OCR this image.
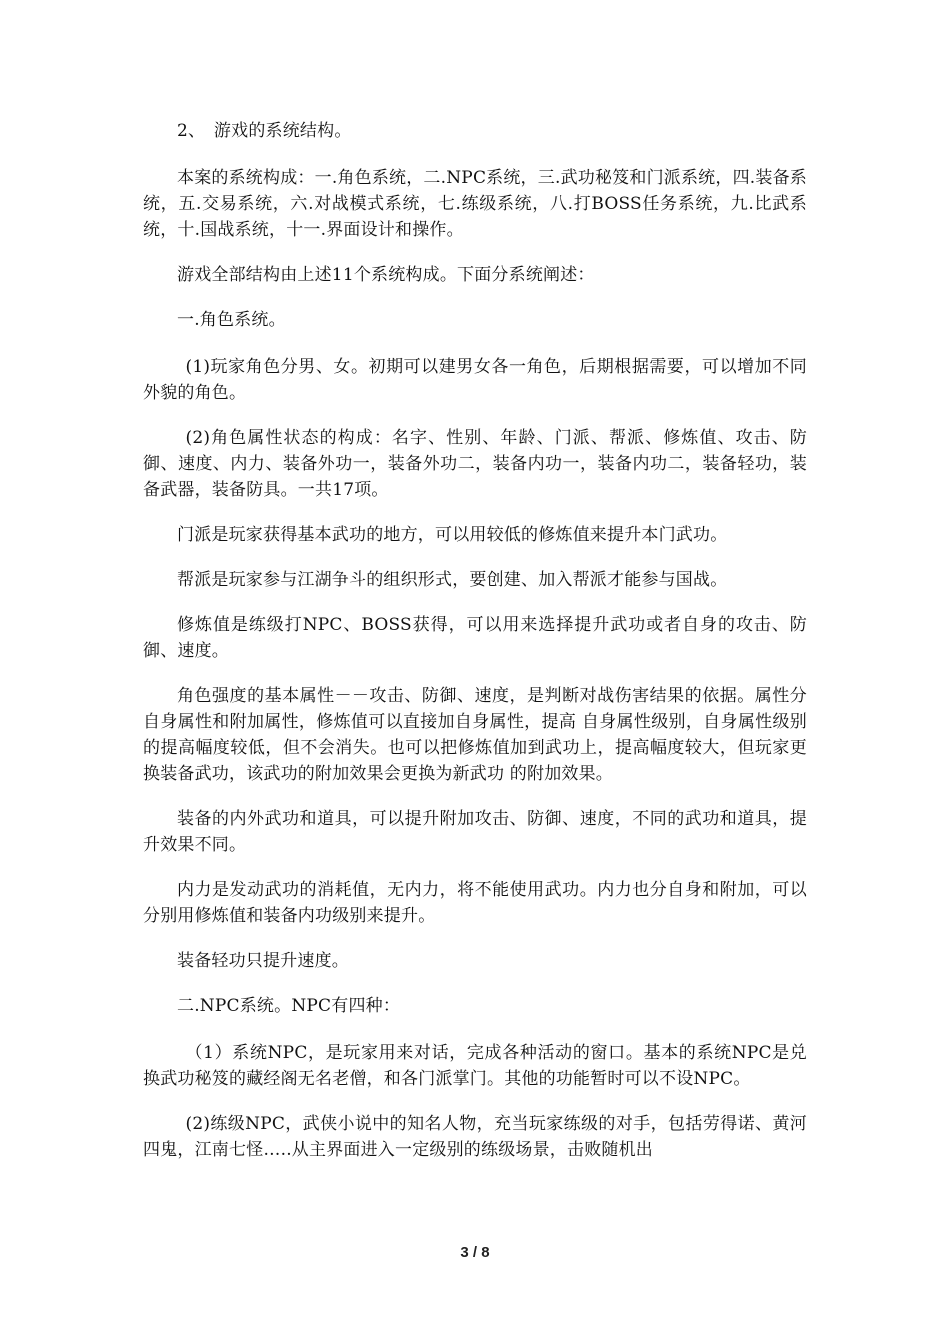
2、　游戏的系统结构。

本案的系统构成：一.角色系统，二.NPC系统，三.武功秘笈和门派系统，四.装备系统，五.交易系统，六.对战模式系统，七.练级系统，八.打BOSS任务系统，九.比武系统，十.国战系统，十一.界面设计和操作。

游戏全部结构由上述11个系统构成。下面分系统阐述：

一.角色系统。

(1)玩家角色分男、女。初期可以建男女各一角色，后期根据需要，可以增加不同外貌的角色。

(2)角色属性状态的构成：名字、性别、年龄、门派、帮派、修炼值、攻击、防御、速度、内力、装备外功一，装备外功二，装备内功一，装备内功二，装备轻功，装备武器，装备防具。一共17项。

门派是玩家获得基本武功的地方，可以用较低的修炼值来提升本门武功。

帮派是玩家参与江湖争斗的组织形式，要创建、加入帮派才能参与国战。

修炼值是练级打NPC、BOSS获得，可以用来选择提升武功或者自身的攻击、防御、速度。

角色强度的基本属性－－攻击、防御、速度，是判断对战伤害结果的依据。属性分自身属性和附加属性，修炼值可以直接加自身属性，提高 自身属性级别，自身属性级别的提高幅度较低，但不会消失。也可以把修炼值加到武功上，提高幅度较大，但玩家更换装备武功，该武功的附加效果会更换为新武功 的附加效果。

装备的内外武功和道具，可以提升附加攻击、防御、速度，不同的武功和道具，提升效果不同。

内力是发动武功的消耗值，无内力，将不能使用武功。内力也分自身和附加，可以分别用修炼值和装备内功级别来提升。

装备轻功只提升速度。

二.NPC系统。NPC有四种：

（1）系统NPC，是玩家用来对话，完成各种活动的窗口。基本的系统NPC是兑换武功秘笈的藏经阁无名老僧，和各门派掌门。其他的功能暂时可以不设NPC。

(2)练级NPC，武侠小说中的知名人物，充当玩家练级的对手，包括劳得诺、黄河四鬼，江南七怪…..从主界面进入一定级别的练级场景，击败随机出

3 / 8
